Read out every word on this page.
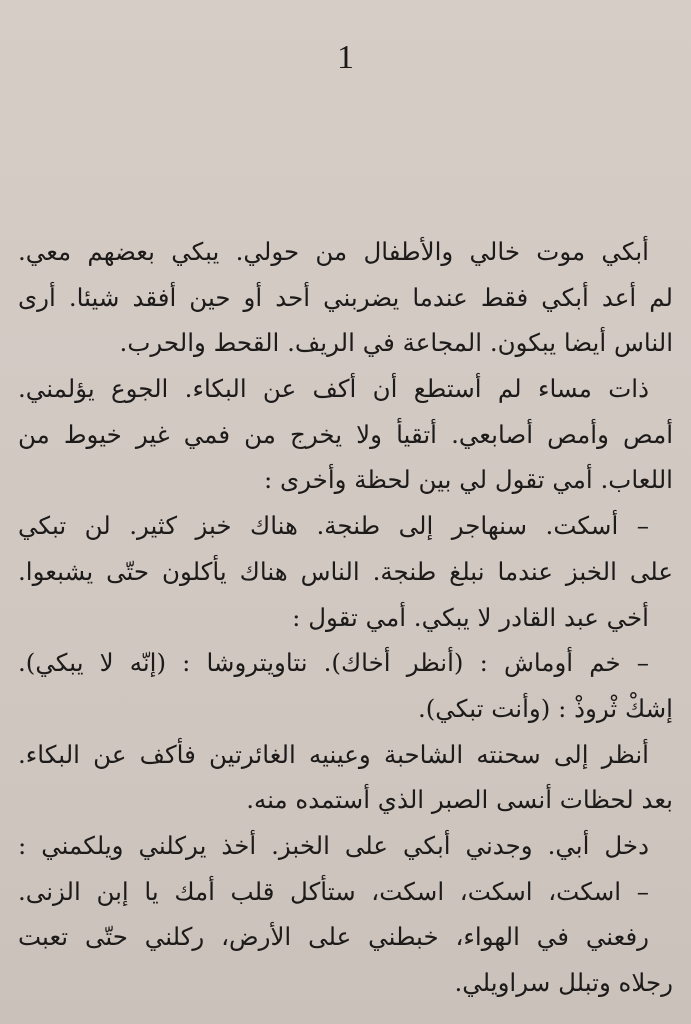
1
أبكي موت خالي والأطفال من حولي. يبكي بعضهم معي.
لم أعد أبكي فقط عندما يضربني أحد أو حين أفقد شيئا. أرى
الناس أيضا يبكون. المجاعة في الريف. القحط والحرب.
ذات مساء لم أستطع أن أكف عن البكاء. الجوع يؤلمني.
أمص وأمص أصابعي. أتقيأ ولا يخرج من فمي غير خيوط من
اللعاب. أمي تقول لي بين لحظة وأخرى :
– أسكت. سنهاجر إلى طنجة. هناك خبز كثير. لن تبكي
على الخبز عندما نبلغ طنجة. الناس هناك يأكلون حتّى يشبعوا.
أخي عبد القادر لا يبكي. أمي تقول :
– خم أوماش : (أنظر أخاك). نتاويتروشا : (إنّه لا يبكي).
إشكْ ثْروذْ : (وأنت تبكي).
أنظر إلى سحنته الشاحبة وعينيه الغائرتين فأكف عن البكاء.
بعد لحظات أنسى الصبر الذي أستمده منه.
دخل أبي. وجدني أبكي على الخبز. أخذ يركلني ويلكمني :
– اسكت، اسكت، اسكت، ستأكل قلب أمك يا إبن الزنى.
رفعني في الهواء، خبطني على الأرض، ركلني حتّى تعبت
رجلاه وتبلل سراويلي.
